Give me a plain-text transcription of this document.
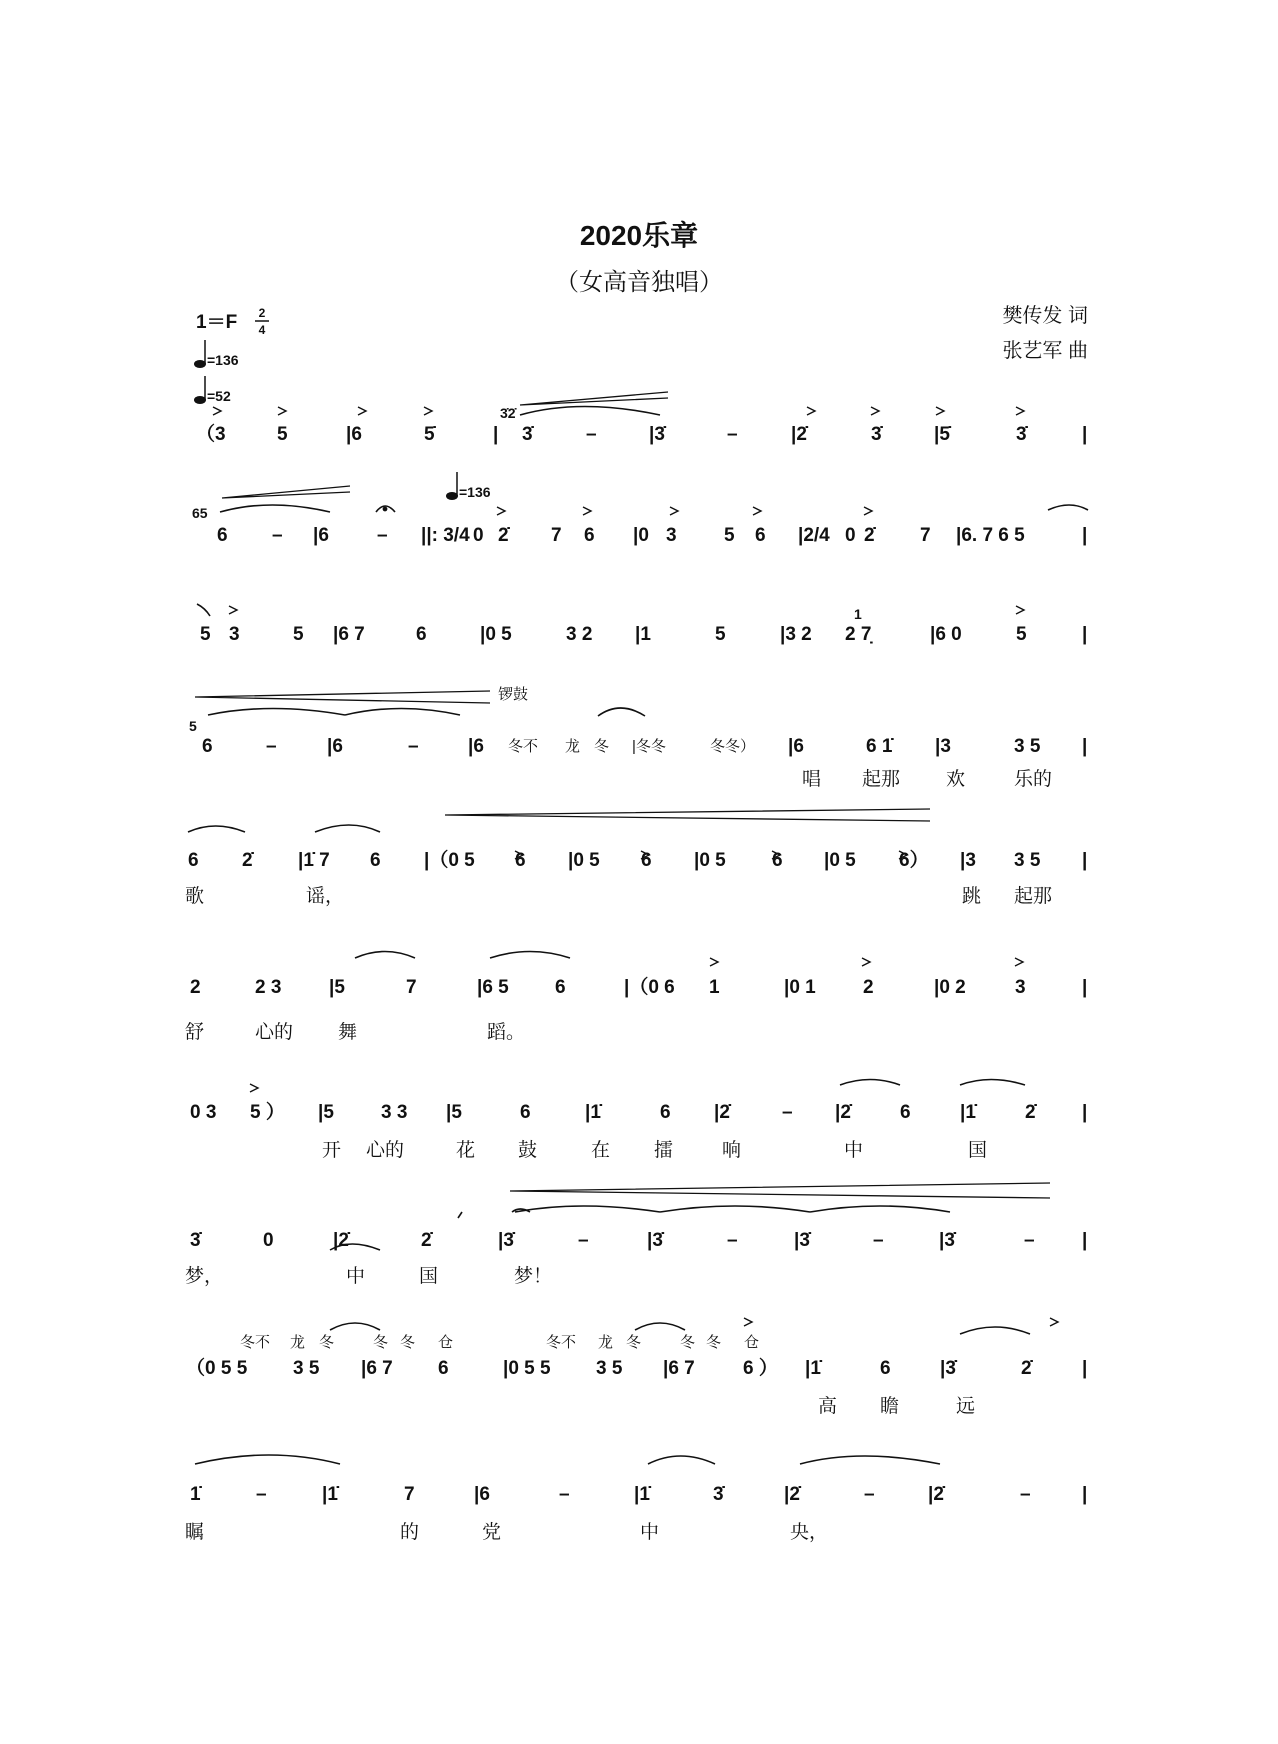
2020乐章
（女高音独唱）
樊传发 词
张艺军 曲
1＝F 2
4
=136
=52
=136
锣鼓
3̇2̇
65
5
1
（3	5	|6	5̇	| 3̇	–	|3̇	–	|2̇	3̇	|5̇	3̇	|
6 – |6	– ||: 3/4 0 2̇ 7 6 |0 3 5 6 |2/4 0 2̇ 7 |6. 7 6 5	|
5 3	5 |6 7	6	|0 5	3 2 |1	5	|3 2 2 7̣	|6 0	5	|
6	–	|6	–	|6 冬不 龙 冬 |冬冬	冬冬） |6	6 1̇ |3	3 5 |
唱 起那 欢	乐的
6 2̇ |1̇ 7 6 |（0 5 6 |0 5 6 |0 5 6 |0 5 6） |3 3 5 |
歌	谣，	跳 起那
2	2 3	|5	7	|6 5 6	|（0 6 1	|0 1 2	|0 2	3	|
舒	心的 舞	蹈。
0 3 5 ） |5 3 3 |5	6	|1̇	6 |2̇	– |2̇	6	|1̇	2̇ |
开 心的	花 鼓	在 擂	响	中	国
3̇	0	|2̇	2̇	|3̇	–	|3̇	–	|3̇	–	|3̇	– |
梦，	中	国	梦！
冬不 龙 冬	冬 冬 仓	冬不 龙 冬	冬 冬 仓
（0 5 5 3 5 |6 7 6	|0 5 5 3 5 |6 7	6 ） |1̇	6	|3̇	2̇	|
高 瞻	远
1̇	–	|1̇	7	|6	–	|1̇	3̇	|2̇	–	|2̇	–	|
瞩	的	党	中	央，
